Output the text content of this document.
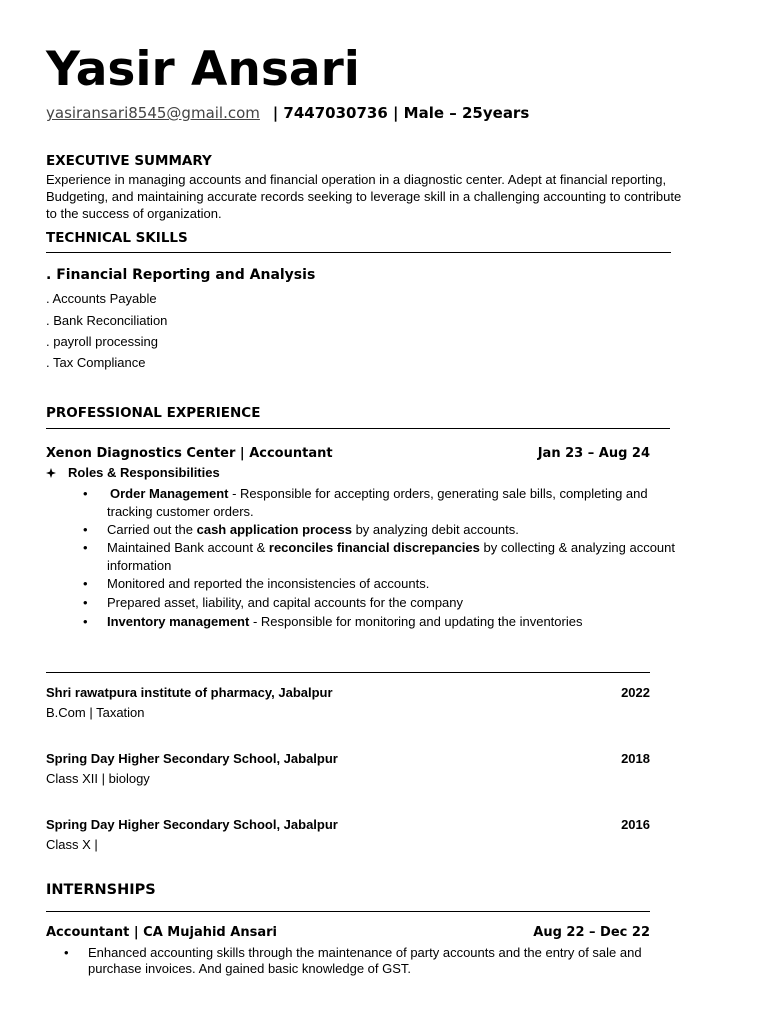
Yasir Ansari
yasiransari8545@gmail.com | 7447030736 | Male – 25years
EXECUTIVE SUMMARY
Experience in managing accounts and financial operation in a diagnostic center. Adept at financial reporting,
Budgeting, and maintaining accurate records seeking to leverage skill in a challenging accounting to contribute
to the success of organization.
TECHNICAL SKILLS
. Financial Reporting and Analysis
. Accounts Payable
. Bank Reconciliation
. payroll processing
. Tax Compliance
PROFESSIONAL EXPERIENCE
Xenon Diagnostics Center | Accountant	Jan 23 – Aug 24
Roles & Responsibilities
• Order Management - Responsible for accepting orders, generating sale bills, completing and
tracking customer orders.
• Carried out the cash application process by analyzing debit accounts.
• Maintained Bank account & reconciles financial discrepancies by collecting & analyzing account
information
• Monitored and reported the inconsistencies of accounts.
• Prepared asset, liability, and capital accounts for the company
• Inventory management - Responsible for monitoring and updating the inventories
Shri rawatpura institute of pharmacy, Jabalpur	2022
B.Com | Taxation
Spring Day Higher Secondary School, Jabalpur	2018
Class XII | biology
Spring Day Higher Secondary School, Jabalpur	2016
Class X |
INTERNSHIPS
Accountant | CA Mujahid Ansari	Aug 22 – Dec 22
• Enhanced accounting skills through the maintenance of party accounts and the entry of sale and
purchase invoices. And gained basic knowledge of GST.
